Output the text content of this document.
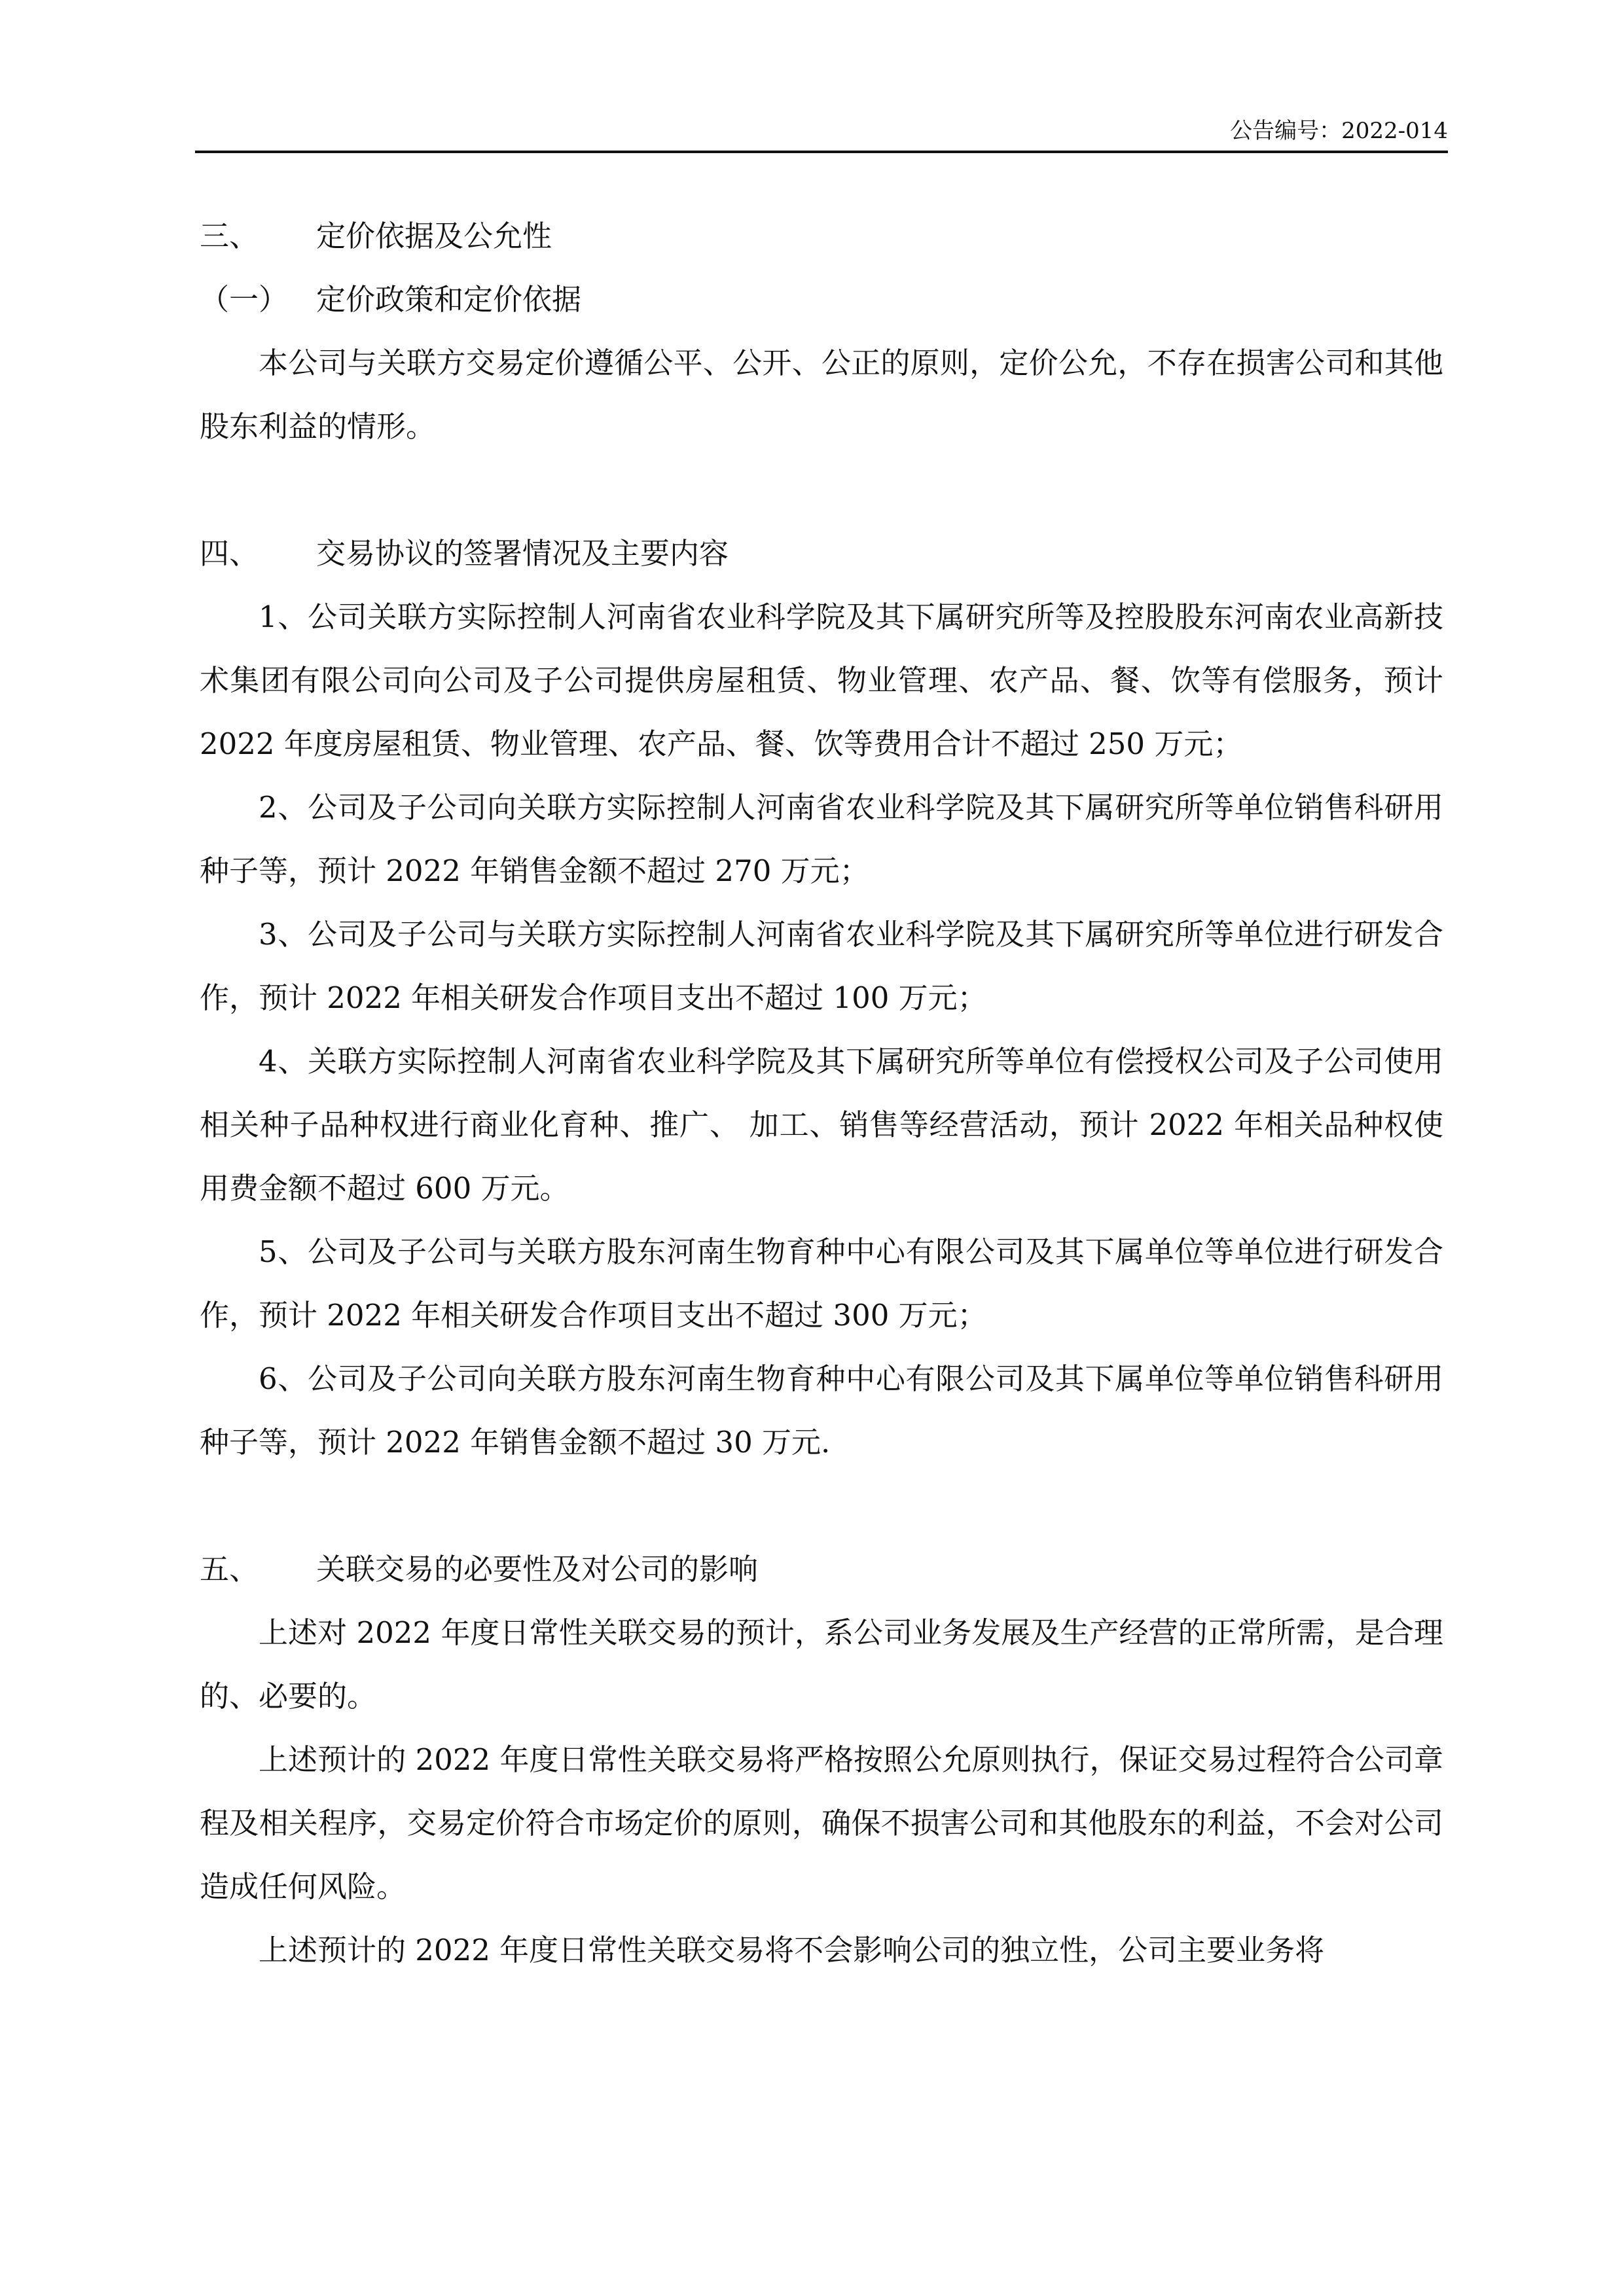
公告编号：2022-014
三、 定价依据及公允性
（一） 定价政策和定价依据

本公司与关联方交易定价遵循公平、公开、公正的原则，定价公允，不存在损害公司和其他股东利益的情形。

四、 交易协议的签署情况及主要内容

1、公司关联方实际控制人河南省农业科学院及其下属研究所等及控股股东河南农业高新技术集团有限公司向公司及子公司提供房屋租赁、物业管理、农产品、餐、饮等有偿服务，预计 2022 年度房屋租赁、物业管理、农产品、餐、饮等费用合计不超过 250 万元；

2、公司及子公司向关联方实际控制人河南省农业科学院及其下属研究所等单位销售科研用种子等，预计 2022 年销售金额不超过 270 万元；

3、公司及子公司与关联方实际控制人河南省农业科学院及其下属研究所等单位进行研发合作，预计 2022 年相关研发合作项目支出不超过 100 万元；

4、关联方实际控制人河南省农业科学院及其下属研究所等单位有偿授权公司及子公司使用相关种子品种权进行商业化育种、推广、 加工、销售等经营活动，预计 2022 年相关品种权使用费金额不超过 600 万元。

5、公司及子公司与关联方股东河南生物育种中心有限公司及其下属单位等单位进行研发合作，预计 2022 年相关研发合作项目支出不超过 300 万元；

6、公司及子公司向关联方股东河南生物育种中心有限公司及其下属单位等单位销售科研用种子等，预计 2022 年销售金额不超过 30 万元.

五、 关联交易的必要性及对公司的影响

上述对 2022 年度日常性关联交易的预计，系公司业务发展及生产经营的正常所需，是合理的、必要的。

上述预计的 2022 年度日常性关联交易将严格按照公允原则执行，保证交易过程符合公司章程及相关程序，交易定价符合市场定价的原则，确保不损害公司和其他股东的利益，不会对公司造成任何风险。

上述预计的 2022 年度日常性关联交易将不会影响公司的独立性，公司主要业务将
